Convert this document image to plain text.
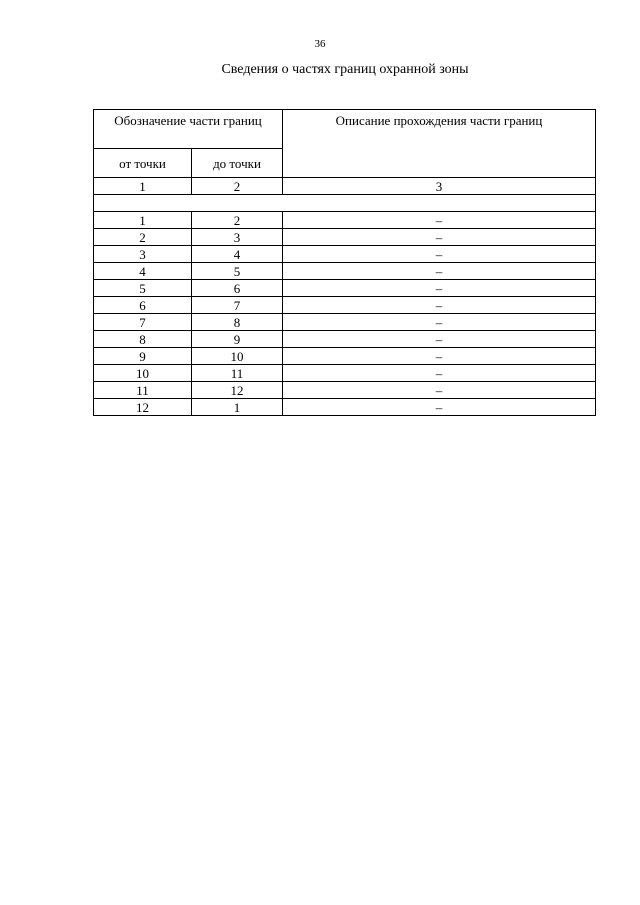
36
Сведения о частях границ охранной зоны
Обозначение части границ		Описание прохождения части границ
от точки	до точки	
1	2	3

1	2	–
2	3	–
3	4	–
4	5	–
5	6	–
6	7	–
7	8	–
8	9	–
9	10	–
10	11	–
11	12	–
12	1	–
